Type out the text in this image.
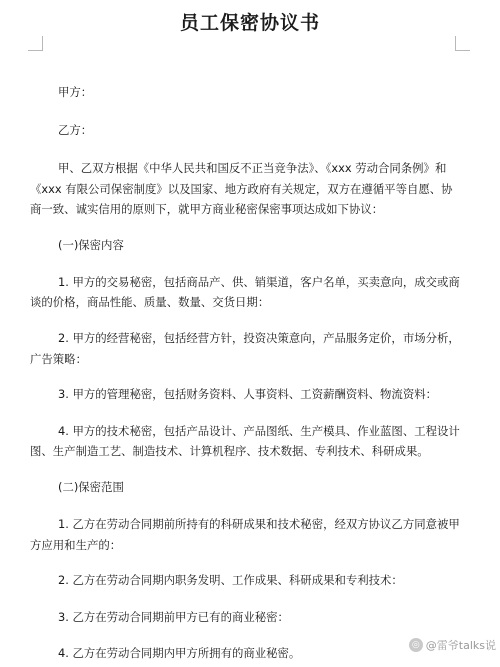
员工保密协议书
甲方：
乙方：
甲、乙双方根据《中华人民共和国反不正当竞争法》、《xxx 劳动合同条例》和
《xxx 有限公司保密制度》以及国家、地方政府有关规定，双方在遵循平等自愿、协
商一致、诚实信用的原则下，就甲方商业秘密保密事项达成如下协议：
(一)保密内容
1. 甲方的交易秘密，包括商品产、供、销渠道，客户名单，买卖意向，成交或商
谈的价格，商品性能、质量、数量、交货日期：
2. 甲方的经营秘密，包括经营方针，投资决策意向，产品服务定价，市场分析，
广告策略：
3. 甲方的管理秘密，包括财务资料、人事资料、工资薪酬资料、物流资料：
4. 甲方的技术秘密，包括产品设计、产品图纸、生产模具、作业蓝图、工程设计
图、生产制造工艺、制造技术、计算机程序、技术数据、专利技术、科研成果。
(二)保密范围
1. 乙方在劳动合同期前所持有的科研成果和技术秘密，经双方协议乙方同意被甲
方应用和生产的：
2. 乙方在劳动合同期内职务发明、工作成果、科研成果和专利技术：
3. 乙方在劳动合同期前甲方已有的商业秘密：
4. 乙方在劳动合同期内甲方所拥有的商业秘密。
◎ @雷爷talks说
